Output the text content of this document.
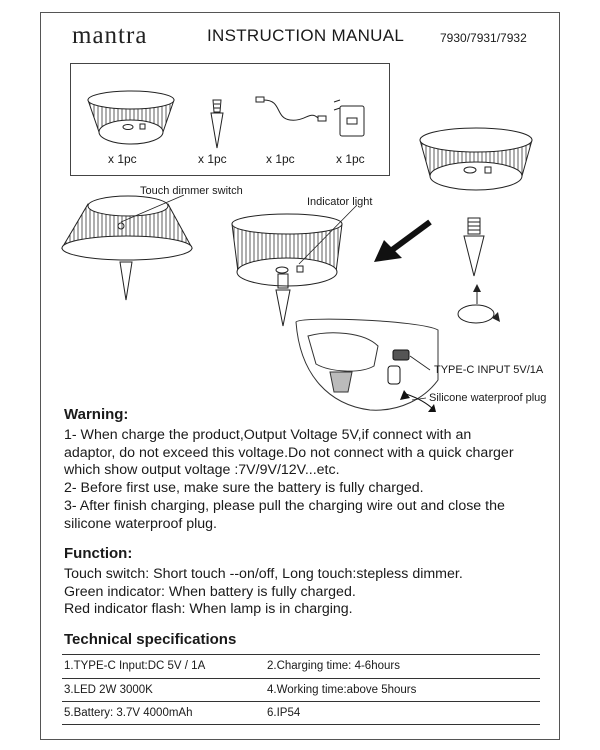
mantra	INSTRUCTION MANUAL	7930/7931/7932
x 1pc	x 1pc	x 1pc	x 1pc
Touch dimmer switch
Indicator light
TYPE-C INPUT 5V/1A
Silicone waterproof plug
Warning:
1- When charge the product,Output Voltage 5V,if connect with an
adaptor, do not exceed this voltage.Do not connect with a quick charger
which show output voltage :7V/9V/12V...etc.
2- Before first use, make sure the battery is fully charged.
3- After finish charging, please pull the charging wire out and close the
silicone waterproof plug.
Function:
Touch switch: Short touch --on/off, Long touch:stepless dimmer.
Green indicator: When battery is fully charged.
Red indicator flash: When lamp is in charging.
Technical specifications
1.TYPE-C Input:DC 5V / 1A	2.Charging time: 4-6hours
3.LED 2W 3000K	4.Working time:above 5hours
5.Battery: 3.7V 4000mAh	6.IP54
